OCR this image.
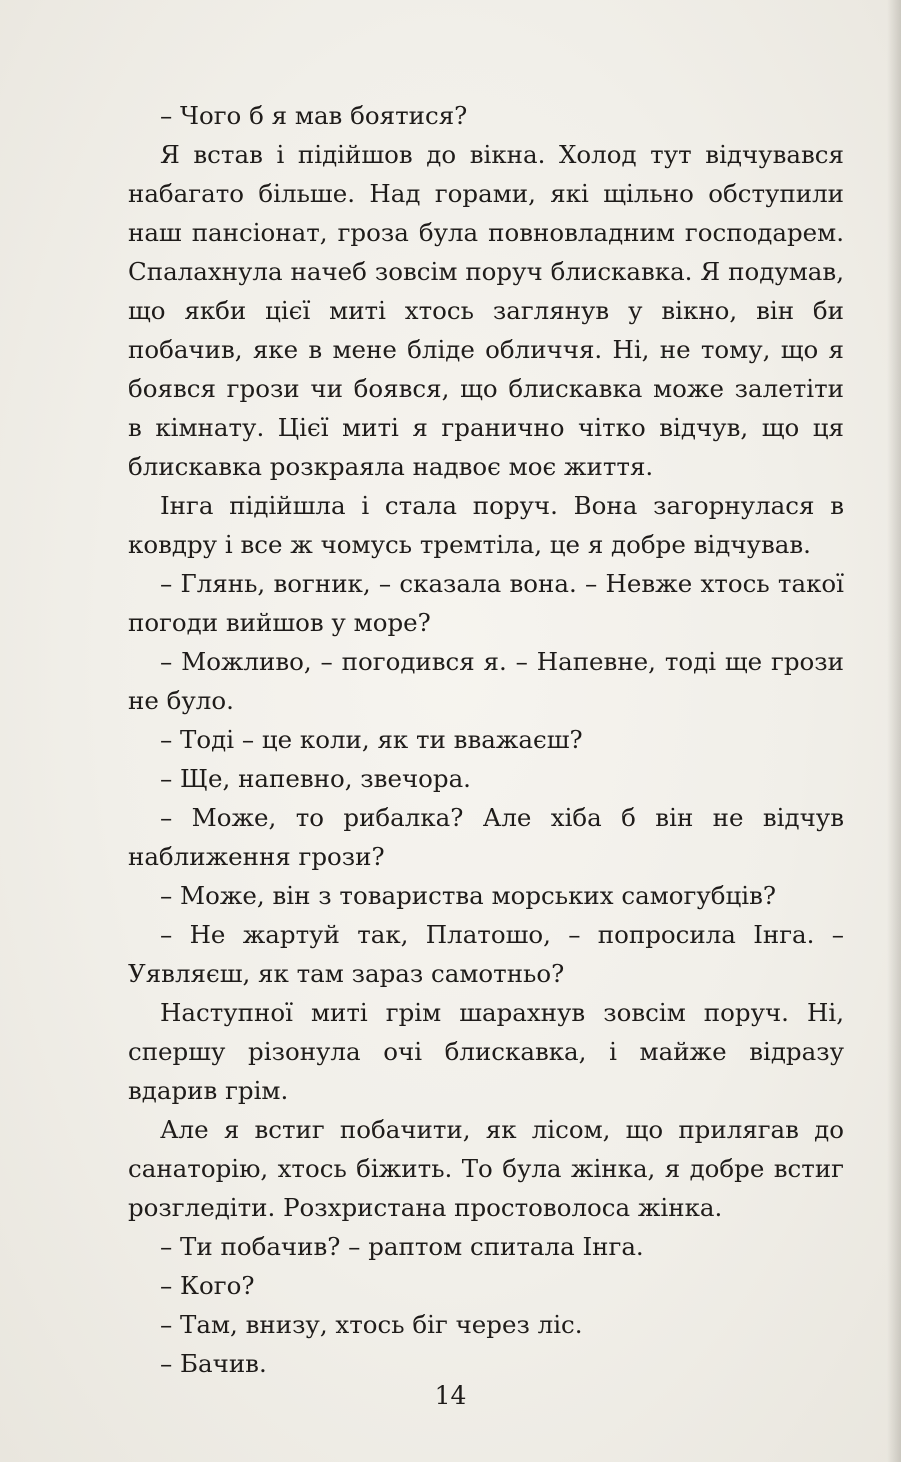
– Чого б я мав боятися?

Я встав і підійшов до вікна. Холод тут відчувався набагато більше. Над горами, які щільно обступили наш пансіонат, гроза була повновладним господарем. Спалахнула начеб зовсім поруч блискавка. Я подумав, що якби цієї миті хтось заглянув у вікно, він би побачив, яке в мене бліде обличчя. Ні, не тому, що я боявся грози чи боявся, що блискавка може залетіти в кімнату. Цієї миті я гранично чітко відчув, що ця блискавка розкраяла надвоє моє життя.

Інга підійшла і стала поруч. Вона загорнулася в ковдру і все ж чомусь тремтіла, це я добре відчував.

– Глянь, вогник, – сказала вона. – Невже хтось такої погоди вийшов у море?

– Можливо, – погодився я. – Напевне, тоді ще грози не було.

– Тоді – це коли, як ти вважаєш?

– Ще, напевно, звечора.

– Може, то рибалка? Але хіба б він не відчув наближення грози?

– Може, він з товариства морських самогубців?

– Не жартуй так, Платошо, – попросила Інга. – Уявляєш, як там зараз самотньо?

Наступної миті грім шарахнув зовсім поруч. Ні, спершу різонула очі блискавка, і майже відразу вдарив грім.

Але я встиг побачити, як лісом, що прилягав до санаторію, хтось біжить. То була жінка, я добре встиг розгледіти. Розхристана простоволоса жінка.

– Ти побачив? – раптом спитала Інга.

– Кого?

– Там, внизу, хтось біг через ліс.

– Бачив.

14
